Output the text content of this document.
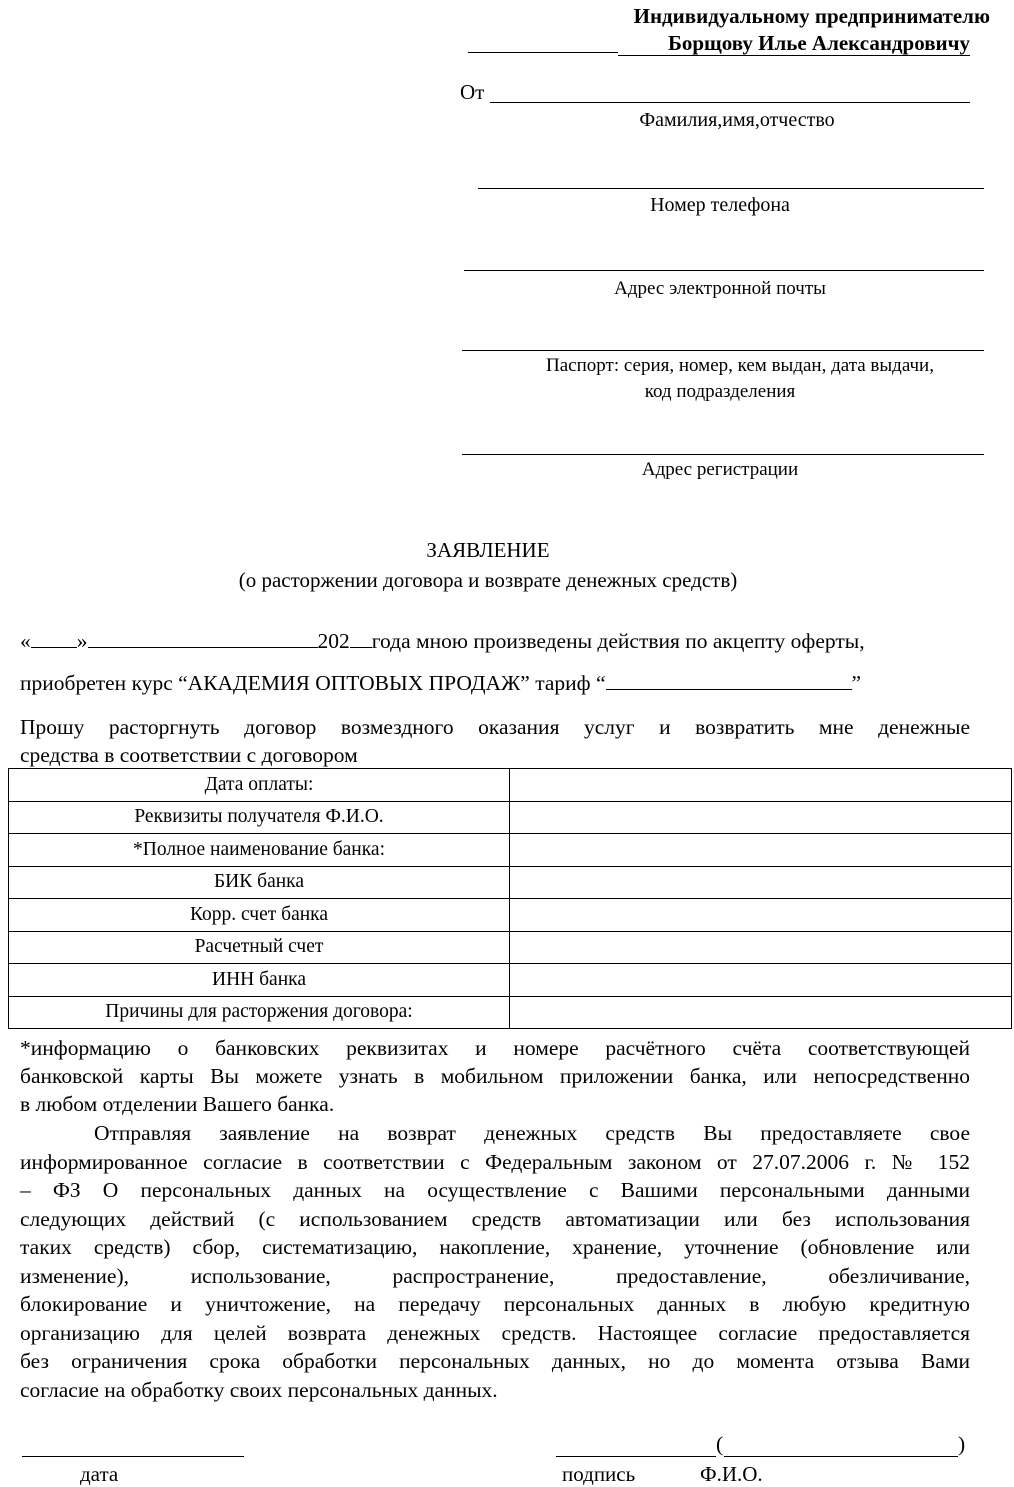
Индивидуальному предпринимателю
Борщову Илье Александровичу
От
Фамилия,имя,отчество
Номер телефона
Адрес электронной почты
Паспорт: серия, номер, кем выдан, дата выдачи,
код подразделения
Адрес регистрации
ЗАЯВЛЕНИЕ
(о расторжении договора и возврате денежных средств)
« »	202 года мною произведены действия по акцепту оферты,
приобретен курс “АКАДЕМИЯ ОПТОВЫХ ПРОДАЖ” тариф “	”
Прошу расторгнуть договор возмездного оказания услуг и возвратить мне денежные
средства в соответствии с договором
Дата оплаты:	
Реквизиты получателя Ф.И.О.	
*Полное наименование банка:	
БИК банка	
Корр. счет банка	
Расчетный счет	
ИНН банка	
Причины для расторжения договора:	
*информацию о банковских реквизитах и номере расчётного счёта соответствующей
банковской карты Вы можете узнать в мобильном приложении банка, или непосредственно
в любом отделении Вашего банка.
Отправляя заявление на возврат денежных средств Вы предоставляете свое
информированное согласие в соответствии с Федеральным законом от 27.07.2006 г. № 152
– ФЗ О персональных данных на осуществление с Вашими персональными данными
следующих действий (с использованием средств автоматизации или без использования
таких средств) сбор, систематизацию, накопление, хранение, уточнение (обновление или
изменение), использование, распространение, предоставление, обезличивание,
блокирование и уничтожение, на передачу персональных данных в любую кредитную
организацию для целей возврата денежных средств. Настоящее согласие предоставляется
без ограничения срока обработки персональных данных, но до момента отзыва Вами
согласие на обработку своих персональных данных.
дата
(	)
подпись	Ф.И.О.
